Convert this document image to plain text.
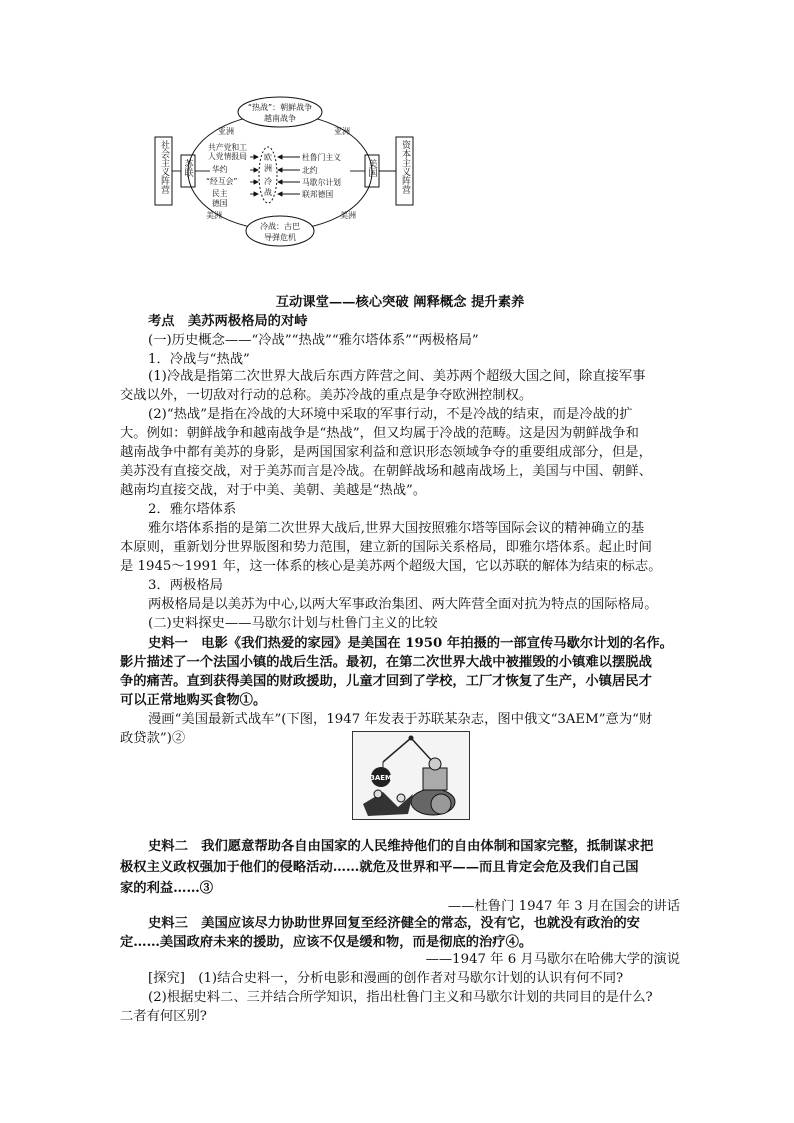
“热战”：朝鲜战争
越南战争
冷战：古巴
导弹危机
亚洲	亚洲
美洲	美洲
共产党和工
人党情报局
华约
“经互会”
民主
德国
杜鲁门主义
北约
马歇尔计划
联邦德国
欧
洲
冷
战	资本主义阵营
社会主义阵营	苏联	美国
互动课堂——核心突破 阐释概念 提升素养
考点　美苏两极格局的对峙
(一)历史概念——“冷战”“热战”“雅尔塔体系”“两极格局”
1．冷战与“热战”
(1)冷战是指第二次世界大战后东西方阵营之间、美苏两个超级大国之间，除直接军事
交战以外，一切敌对行动的总称。美苏冷战的重点是争夺欧洲控制权。
(2)“热战”是指在冷战的大环境中采取的军事行动，不是冷战的结束，而是冷战的扩
大。例如：朝鲜战争和越南战争是“热战”，但又均属于冷战的范畴。这是因为朝鲜战争和
越南战争中都有美苏的身影，是两国国家利益和意识形态领域争夺的重要组成部分，但是，
美苏没有直接交战，对于美苏而言是冷战。在朝鲜战场和越南战场上，美国与中国、朝鲜、
越南均直接交战，对于中美、美朝、美越是“热战”。
2．雅尔塔体系
雅尔塔体系指的是第二次世界大战后,世界大国按照雅尔塔等国际会议的精神确立的基
本原则，重新划分世界版图和势力范围，建立新的国际关系格局，即雅尔塔体系。起止时间
是 1945～1991 年，这一体系的核心是美苏两个超级大国，它以苏联的解体为结束的标志。
3．两极格局
两极格局是以美苏为中心,以两大军事政治集团、两大阵营全面对抗为特点的国际格局。
(二)史料探史——马歇尔计划与杜鲁门主义的比较
史料一　电影《我们热爱的家园》是美国在 1950 年拍摄的一部宣传马歇尔计划的名作。
影片描述了一个法国小镇的战后生活。最初，在第二次世界大战中被摧毁的小镇难以摆脱战
争的痛苦。直到获得美国的财政援助，儿童才回到了学校，工厂才恢复了生产，小镇居民才
可以正常地购买食物①。
漫画“美国最新式战车”(下图，1947 年发表于苏联某杂志，图中俄文“3AEM”意为“财
政贷款”)②
3AEM
史料二　我们愿意帮助各自由国家的人民维持他们的自由体制和国家完整，抵制谋求把
极权主义政权强加于他们的侵略活动……就危及世界和平——而且肯定会危及我们自己国
家的利益……③
——杜鲁门 1947 年 3 月在国会的讲话
史料三　美国应该尽力协助世界回复至经济健全的常态，没有它，也就没有政治的安
定……美国政府未来的援助，应该不仅是缓和物，而是彻底的治疗④。
——1947 年 6 月马歇尔在哈佛大学的演说
[探究]　(1)结合史料一，分析电影和漫画的创作者对马歇尔计划的认识有何不同?
(2)根据史料二、三并结合所学知识，指出杜鲁门主义和马歇尔计划的共同目的是什么?
二者有何区别?
